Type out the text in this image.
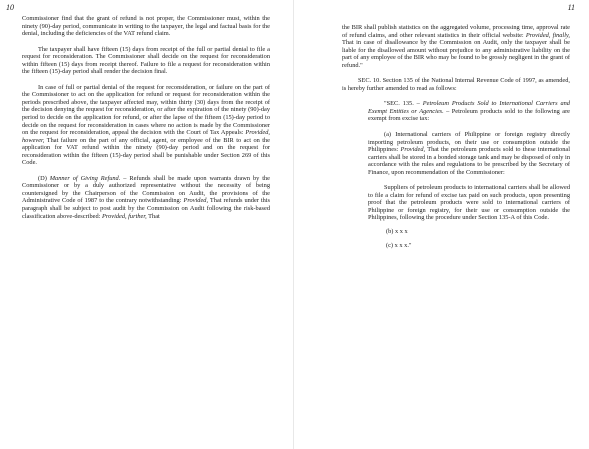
10

Commissioner find that the grant of refund is not proper, the Commissioner must, within the ninety (90)-day period, communicate in writing to the taxpayer, the legal and factual basis for the denial, including the deficiencies of the VAT refund claim.

The taxpayer shall have fifteen (15) days from receipt of the full or partial denial to file a request for reconsideration. The Commissioner shall decide on the request for reconsideration within fifteen (15) days from receipt thereof. Failure to file a request for reconsideration within the fifteen (15)-day period shall render the decision final.

In case of full or partial denial of the request for reconsideration, or failure on the part of the Commissioner to act on the application for refund or request for reconsideration within the periods prescribed above, the taxpayer affected may, within thirty (30) days from the receipt of the decision denying the request for reconsideration, or after the expiration of the ninety (90)-day period to decide on the application for refund, or after the lapse of the fifteen (15)-day period to decide on the request for reconsideration in cases where no action is made by the Commissioner on the request for reconsideration, appeal the decision with the Court of Tax Appeals: Provided, however, That failure on the part of any official, agent, or employee of the BIR to act on the application for VAT refund within the ninety (90)-day period and on the request for reconsideration within the fifteen (15)-day period shall be punishable under Section 269 of this Code.

(D) Manner of Giving Refund. – Refunds shall be made upon warrants drawn by the Commissioner or by a duly authorized representative without the necessity of being countersigned by the Chairperson of the Commission on Audit, the provisions of the Administrative Code of 1987 to the contrary notwithstanding: Provided, That refunds under this paragraph shall be subject to post audit by the Commission on Audit following the risk-based classification above-described: Provided, further, That

11

the BIR shall publish statistics on the aggregated volume, processing time, approval rate of refund claims, and other relevant statistics in their official website: Provided, finally, That in case of disallowance by the Commission on Audit, only the taxpayer shall be liable for the disallowed amount without prejudice to any administrative liability on the part of any employee of the BIR who may be found to be grossly negligent in the grant of refund."

SEC. 10. Section 135 of the National Internal Revenue Code of 1997, as amended, is hereby further amended to read as follows:

"SEC. 135. – Petroleum Products Sold to International Carriers and Exempt Entities or Agencies. – Petroleum products sold to the following are exempt from excise tax:

(a) International carriers of Philippine or foreign registry directly importing petroleum products, on their use or consumption outside the Philippines: Provided, That the petroleum products sold to these international carriers shall be stored in a bonded storage tank and may be disposed of only in accordance with the rules and regulations to be prescribed by the Secretary of Finance, upon recommendation of the Commissioner:

Suppliers of petroleum products to international carriers shall be allowed to file a claim for refund of excise tax paid on such products, upon presenting proof that the petroleum products were sold to international carriers of Philippine or foreign registry, for their use or consumption outside the Philippines, following the procedure under Section 135-A of this Code.

(b) x x x

(c) x x x."
